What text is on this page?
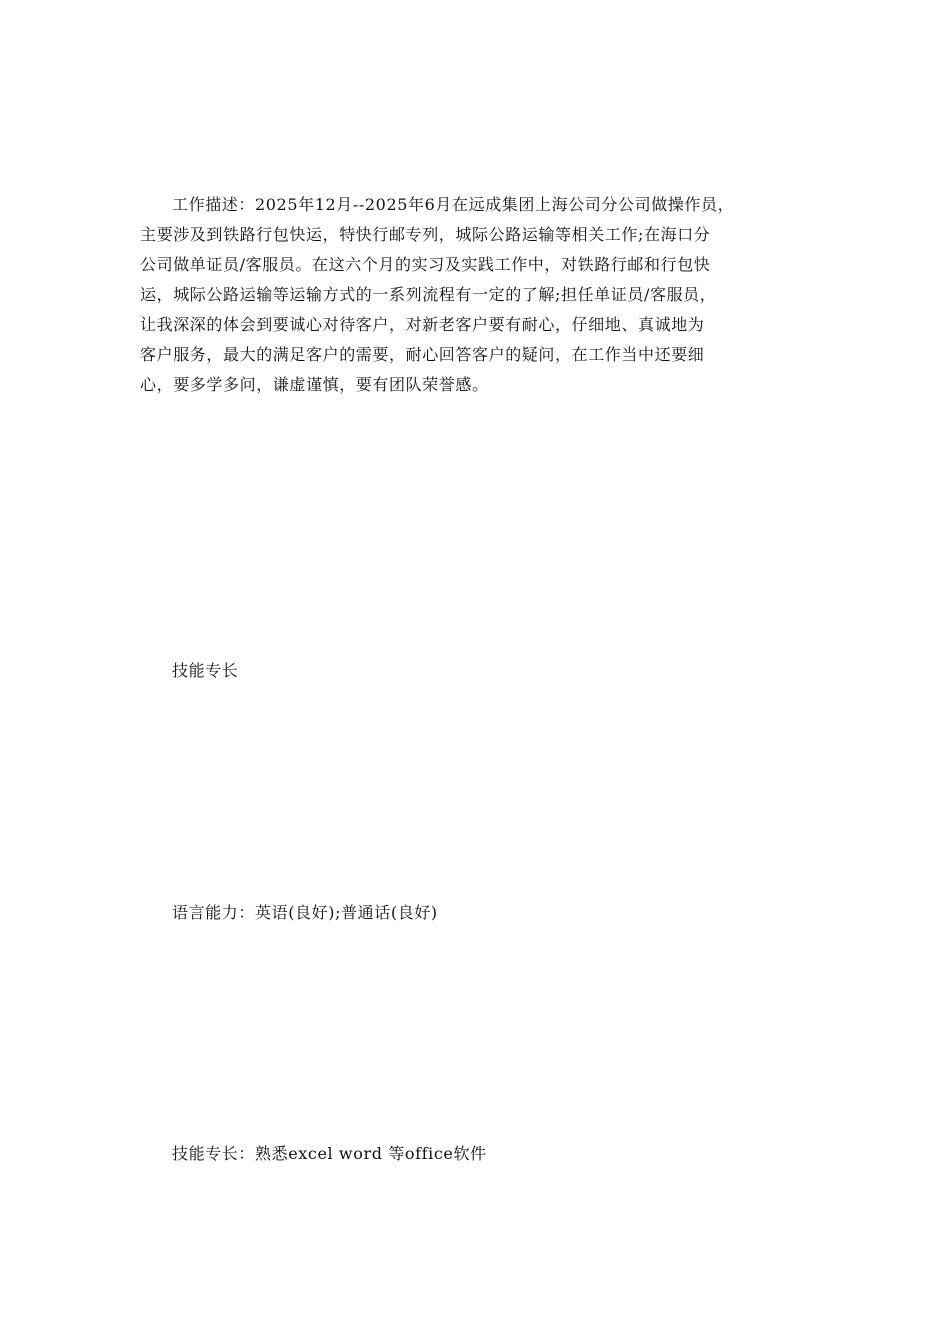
工作描述：2025年12月--2025年6月在远成集团上海公司分公司做操作员，
主要涉及到铁路行包快运，特快行邮专列，城际公路运输等相关工作;在海口分
公司做单证员/客服员。在这六个月的实习及实践工作中，对铁路行邮和行包快
运，城际公路运输等运输方式的一系列流程有一定的了解;担任单证员/客服员，
让我深深的体会到要诚心对待客户，对新老客户要有耐心，仔细地、真诚地为
客户服务，最大的满足客户的需要，耐心回答客户的疑问，在工作当中还要细
心，要多学多问，谦虚谨慎，要有团队荣誉感。
技能专长
语言能力：英语(良好);普通话(良好)
技能专长：熟悉excel word 等office软件
